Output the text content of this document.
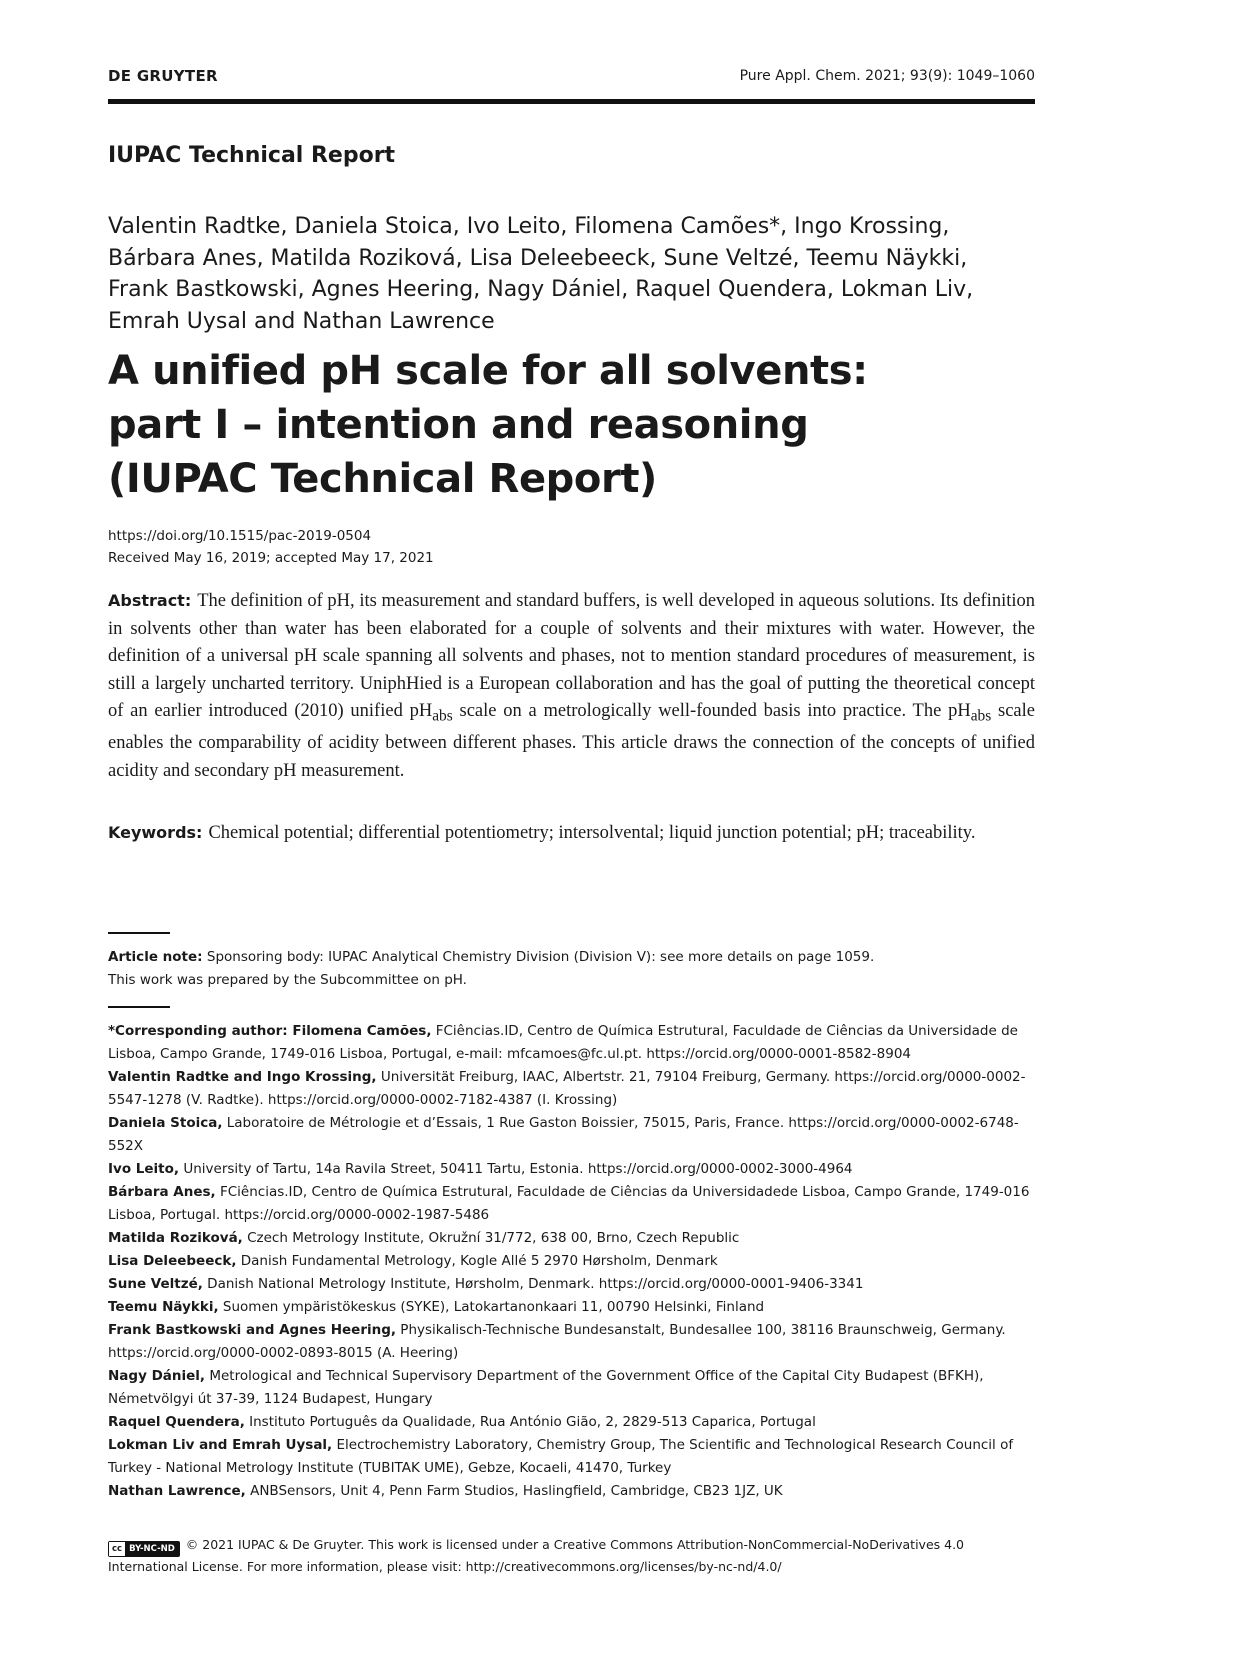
DE GRUYTER	Pure Appl. Chem. 2021; 93(9): 1049–1060
IUPAC Technical Report
Valentin Radtke, Daniela Stoica, Ivo Leito, Filomena Camões*, Ingo Krossing,
Bárbara Anes, Matilda Roziková, Lisa Deleebeeck, Sune Veltzé, Teemu Näykki,
Frank Bastkowski, Agnes Heering, Nagy Dániel, Raquel Quendera, Lokman Liv,
Emrah Uysal and Nathan Lawrence
A unified pH scale for all solvents:
part I – intention and reasoning
(IUPAC Technical Report)
https://doi.org/10.1515/pac-2019-0504
Received May 16, 2019; accepted May 17, 2021
Abstract: The definition of pH, its measurement and standard buffers, is well developed in aqueous solutions. Its definition in solvents other than water has been elaborated for a couple of solvents and their mixtures with water. However, the definition of a universal pH scale spanning all solvents and phases, not to mention standard procedures of measurement, is still a largely uncharted territory. UniphHied is a European collaboration and has the goal of putting the theoretical concept of an earlier introduced (2010) unified $pH_{abs}$ scale on a metrologically well-founded basis into practice. The $pH_{abs}$ scale enables the comparability of acidity between different phases. This article draws the connection of the concepts of unified acidity and secondary pH measurement.
Keywords: Chemical potential; differential potentiometry; intersolvental; liquid junction potential; pH; traceability.
Article note: Sponsoring body: IUPAC Analytical Chemistry Division (Division V): see more details on page 1059.
This work was prepared by the Subcommittee on pH.

*Corresponding author: Filomena Camões, FCiências.ID, Centro de Química Estrutural, Faculdade de Ciências da Universidade de Lisboa, Campo Grande, 1749-016 Lisboa, Portugal, e-mail: mfcamoes@fc.ul.pt. https://orcid.org/0000-0001-8582-8904

Valentin Radtke and Ingo Krossing, Universität Freiburg, IAAC, Albertstr. 21, 79104 Freiburg, Germany. https://orcid.org/0000-0002-5547-1278 (V. Radtke). https://orcid.org/0000-0002-7182-4387 (I. Krossing)

Daniela Stoica, Laboratoire de Métrologie et d’Essais, 1 Rue Gaston Boissier, 75015, Paris, France. https://orcid.org/0000-0002-6748-552X

Ivo Leito, University of Tartu, 14a Ravila Street, 50411 Tartu, Estonia. https://orcid.org/0000-0002-3000-4964

Bárbara Anes, FCiências.ID, Centro de Química Estrutural, Faculdade de Ciências da Universidadede Lisboa, Campo Grande, 1749-016 Lisboa, Portugal. https://orcid.org/0000-0002-1987-5486

Matilda Roziková, Czech Metrology Institute, Okružní 31/772, 638 00, Brno, Czech Republic

Lisa Deleebeeck, Danish Fundamental Metrology, Kogle Allé 5 2970 Hørsholm, Denmark

Sune Veltzé, Danish National Metrology Institute, Hørsholm, Denmark. https://orcid.org/0000-0001-9406-3341

Teemu Näykki, Suomen ympäristökeskus (SYKE), Latokartanonkaari 11, 00790 Helsinki, Finland

Frank Bastkowski and Agnes Heering, Physikalisch-Technische Bundesanstalt, Bundesallee 100, 38116 Braunschweig, Germany. https://orcid.org/0000-0002-0893-8015 (A. Heering)

Nagy Dániel, Metrological and Technical Supervisory Department of the Government Office of the Capital City Budapest (BFKH), Németvölgyi út 37-39, 1124 Budapest, Hungary

Raquel Quendera, Instituto Português da Qualidade, Rua António Gião, 2, 2829-513 Caparica, Portugal

Lokman Liv and Emrah Uysal, Electrochemistry Laboratory, Chemistry Group, The Scientific and Technological Research Council of Turkey - National Metrology Institute (TUBITAK UME), Gebze, Kocaeli, 41470, Turkey

Nathan Lawrence, ANBSensors, Unit 4, Penn Farm Studios, Haslingfield, Cambridge, CB23 1JZ, UK

cc BY-NC-ND © 2021 IUPAC & De Gruyter. This work is licensed under a Creative Commons Attribution-NonCommercial-NoDerivatives 4.0 International License. For more information, please visit: http://creativecommons.org/licenses/by-nc-nd/4.0/
